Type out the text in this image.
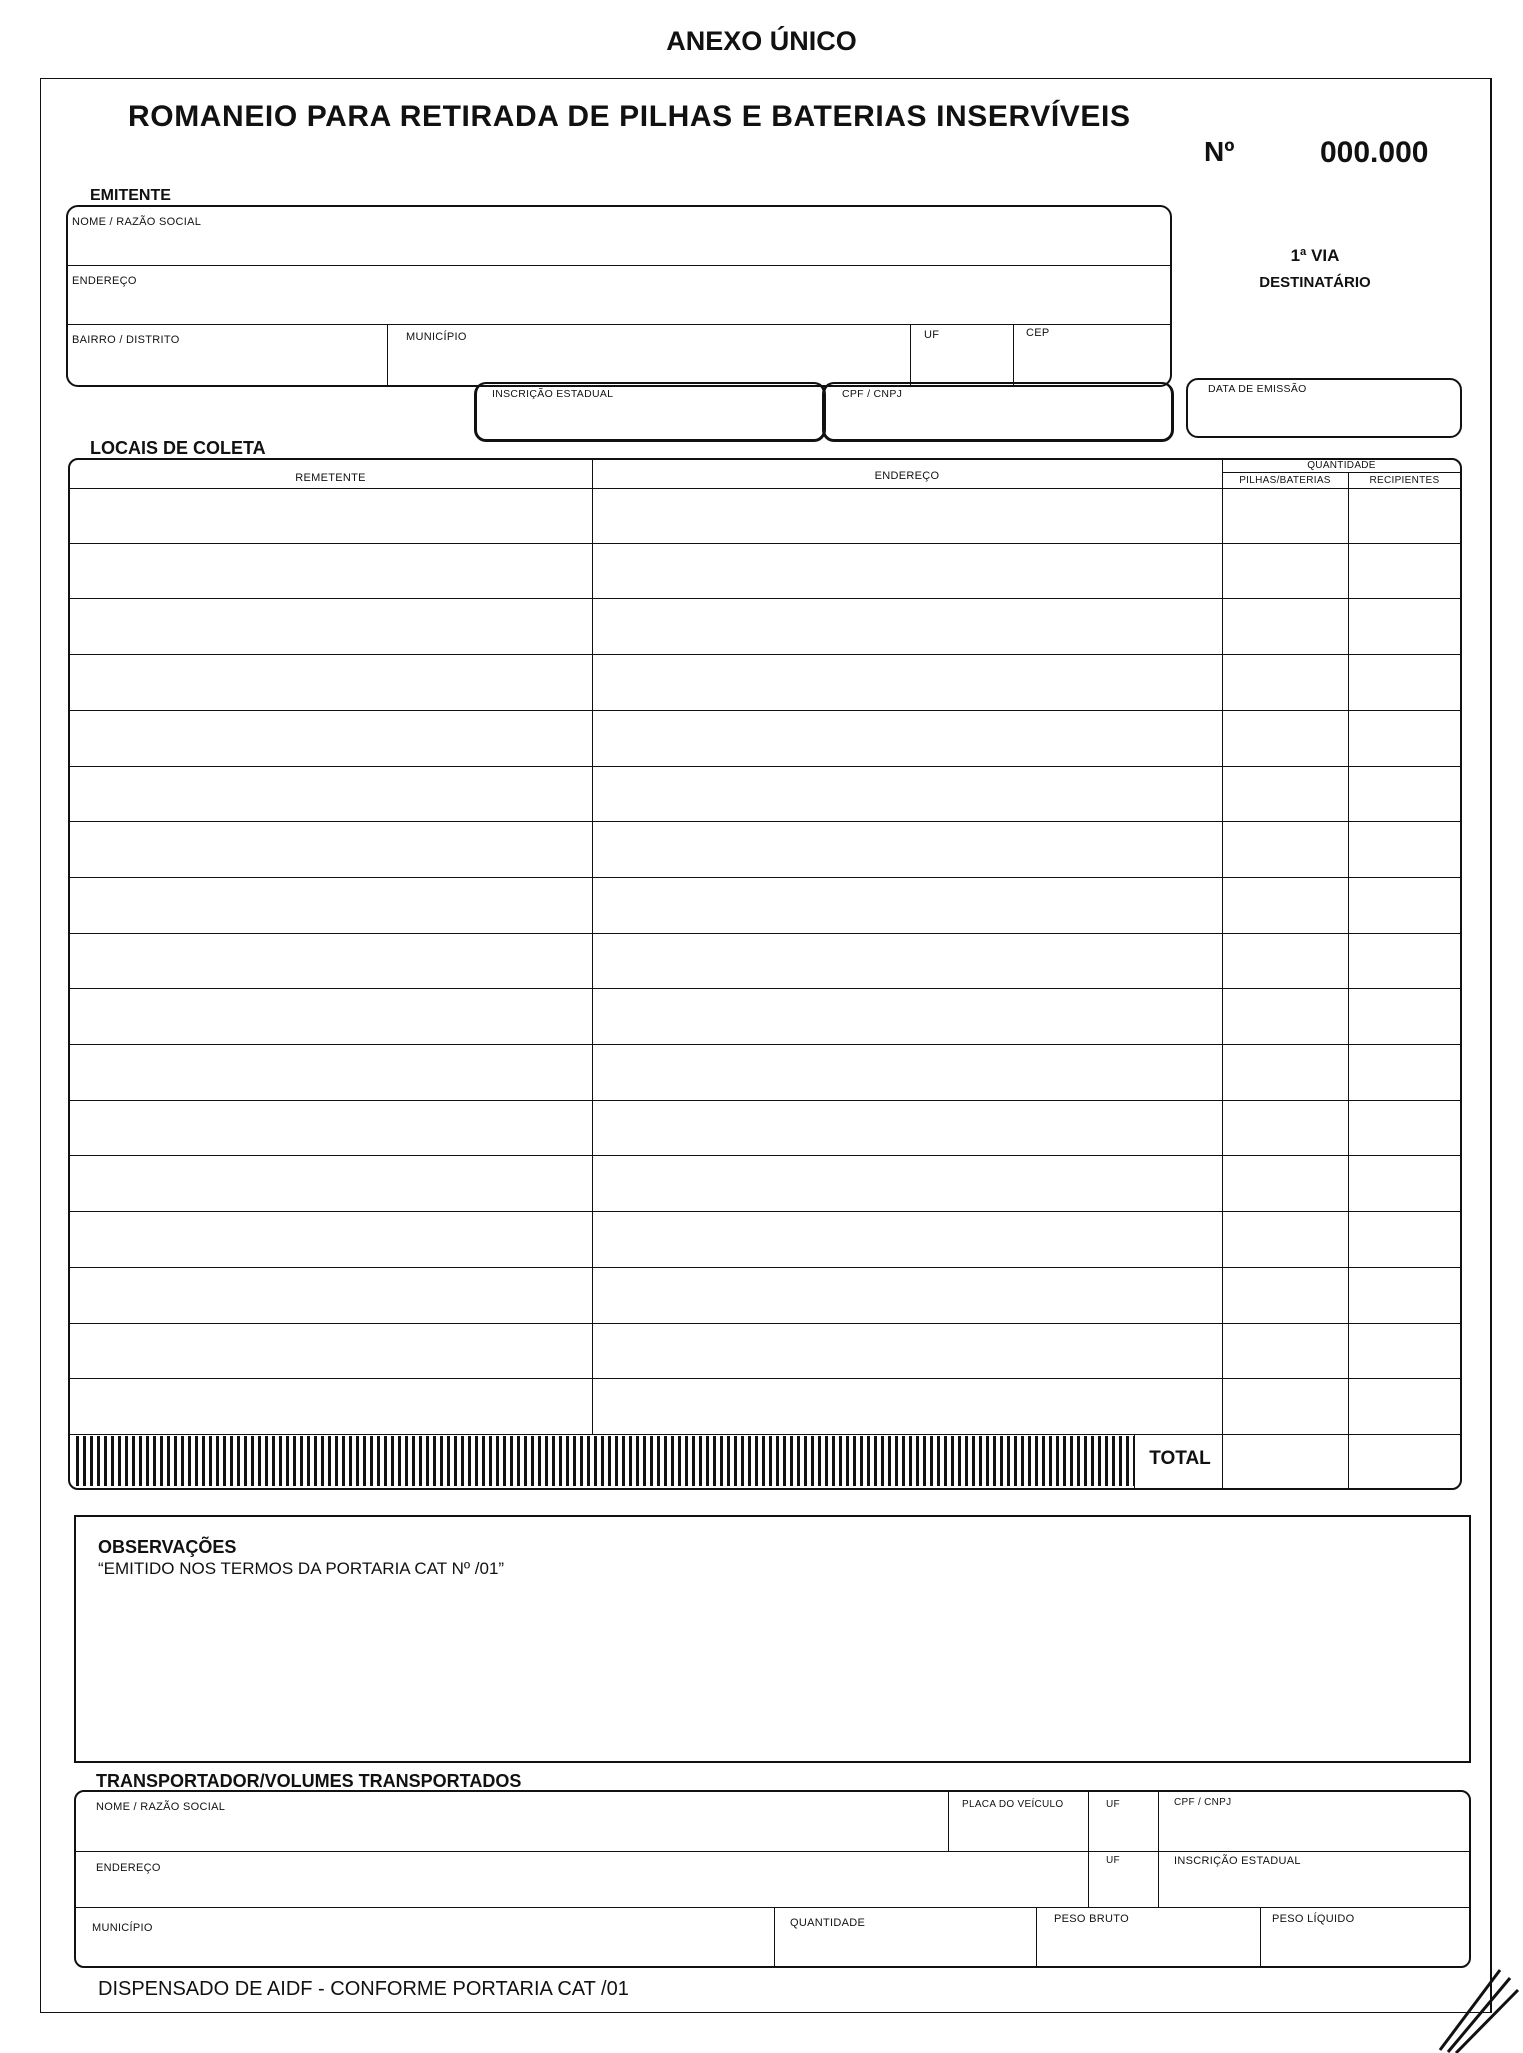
ANEXO ÚNICO
ROMANEIO PARA RETIRADA DE PILHAS E BATERIAS INSERVÍVEIS
Nº	000.000
1ª VIA
DESTINATÁRIO
EMITENTE
NOME / RAZÃO SOCIAL
ENDEREÇO
BAIRRO / DISTRITO	MUNICÍPIO	UF	CEP
INSCRIÇÃO ESTADUAL	CPF / CNPJ	DATA DE EMISSÃO
LOCAIS DE COLETA
REMETENTE	ENDEREÇO
QUANTIDADE
PILHAS/BATERIAS	RECIPIENTES
TOTAL
OBSERVAÇÕES
“EMITIDO NOS TERMOS DA PORTARIA CAT Nº /01”
TRANSPORTADOR/VOLUMES TRANSPORTADOS
NOME / RAZÃO SOCIAL	PLACA DO VEÍCULO	UF	CPF / CNPJ
ENDEREÇO
UF	INSCRIÇÃO ESTADUAL
MUNICÍPIO	QUANTIDADE	PESO BRUTO	PESO LÍQUIDO
DISPENSADO DE AIDF - CONFORME PORTARIA CAT /01
